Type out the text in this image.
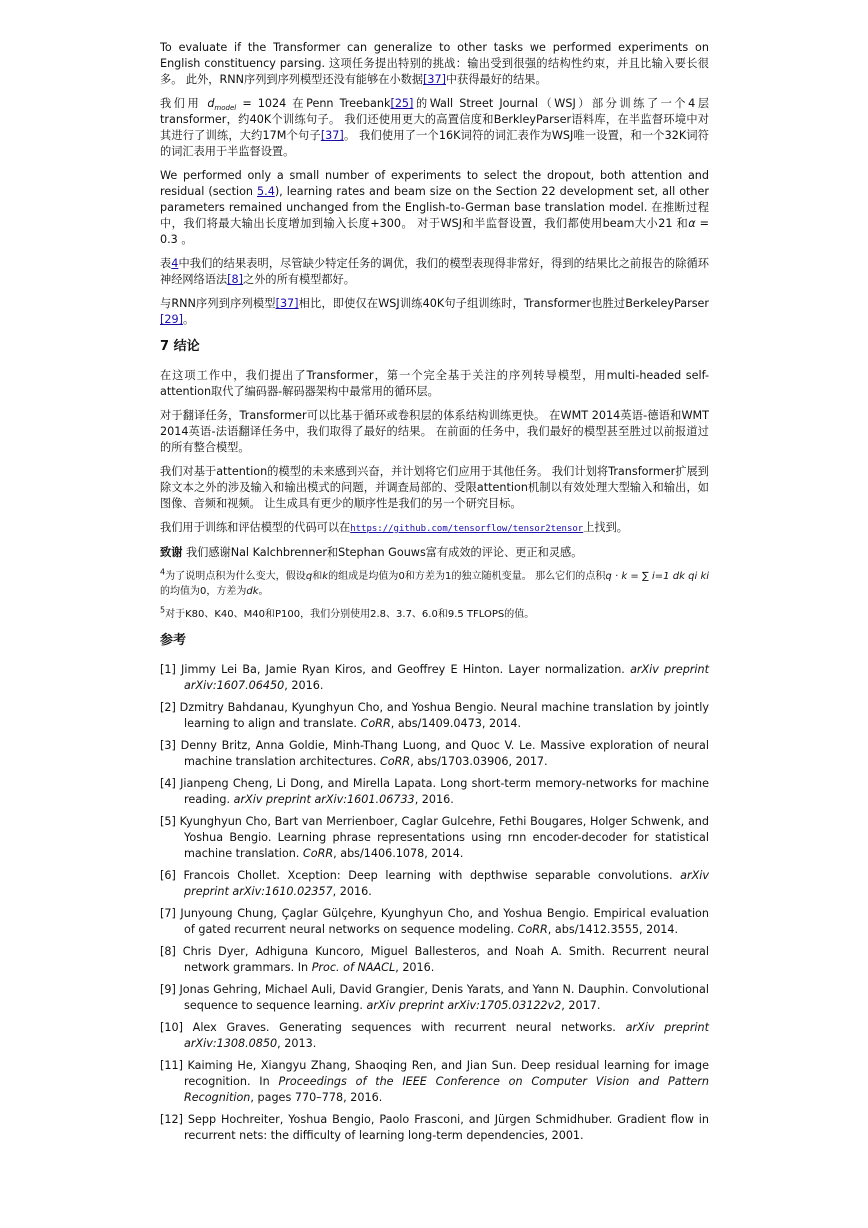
To evaluate if the Transformer can generalize to other tasks we performed experiments on English constituency parsing. 这项任务提出特别的挑战：输出受到很强的结构性约束，并且比输入要长很多。 此外，RNN序列到序列模型还没有能够在小数据[37]中获得最好的结果。

我们用 $d_{model} = 1024$ 在Penn Treebank[25]的Wall Street Journal（WSJ）部分训练了一个4层transformer，约40K个训练句子。 我们还使用更大的高置信度和BerkleyParser语料库，在半监督环境中对其进行了训练，大约17M个句子[37]。 我们使用了一个16K词符的词汇表作为WSJ唯一设置，和一个32K词符的词汇表用于半监督设置。

We performed only a small number of experiments to select the dropout, both attention and residual (section 5.4), learning rates and beam size on the Section 22 development set, all other parameters remained unchanged from the English-to-German base translation model. 在推断过程中，我们将最大输出长度增加到输入长度+300。 对于WSJ和半监督设置，我们都使用beam大小21 和α = 0.3 。

表4中我们的结果表明，尽管缺少特定任务的调优，我们的模型表现得非常好，得到的结果比之前报告的除循环神经网络语法[8]之外的所有模型都好。

与RNN序列到序列模型[37]相比，即使仅在WSJ训练40K句子组训练时，Transformer也胜过BerkeleyParser [29]。

7 结论

在这项工作中，我们提出了Transformer，第一个完全基于关注的序列转导模型，用multi-headed self-attention取代了编码器-解码器架构中最常用的循环层。

对于翻译任务，Transformer可以比基于循环或卷积层的体系结构训练更快。 在WMT 2014英语-德语和WMT 2014英语-法语翻译任务中，我们取得了最好的结果。 在前面的任务中，我们最好的模型甚至胜过以前报道过的所有整合模型。

我们对基于attention的模型的未来感到兴奋，并计划将它们应用于其他任务。 我们计划将Transformer扩展到除文本之外的涉及输入和输出模式的问题，并调查局部的、受限attention机制以有效处理大型输入和输出，如图像、音频和视频。 让生成具有更少的顺序性是我们的另一个研究目标。

我们用于训练和评估模型的代码可以在https://github.com/tensorflow/tensor2tensor上找到。

致谢 我们感谢Nal Kalchbrenner和Stephan Gouws富有成效的评论、更正和灵感。

$^4$为了说明点积为什么变大，假设q和k的组成是均值为0和方差为1的独立随机变量。 那么它们的点积q · k = ∑ i=1 dk qi ki的均值为0，方差为dk。

$^5$对于K80、K40、M40和P100，我们分别使用2.8、3.7、6.0和9.5 TFLOPS的值。

参考

[1] Jimmy Lei Ba, Jamie Ryan Kiros, and Geoffrey E Hinton. Layer normalization. arXiv preprint arXiv:1607.06450, 2016.

[2] Dzmitry Bahdanau, Kyunghyun Cho, and Yoshua Bengio. Neural machine translation by jointly learning to align and translate. CoRR, abs/1409.0473, 2014.

[3] Denny Britz, Anna Goldie, Minh-Thang Luong, and Quoc V. Le. Massive exploration of neural machine translation architectures. CoRR, abs/1703.03906, 2017.

[4] Jianpeng Cheng, Li Dong, and Mirella Lapata. Long short-term memory-networks for machine reading. arXiv preprint arXiv:1601.06733, 2016.

[5] Kyunghyun Cho, Bart van Merrienboer, Caglar Gulcehre, Fethi Bougares, Holger Schwenk, and Yoshua Bengio. Learning phrase representations using rnn encoder-decoder for statistical machine translation. CoRR, abs/1406.1078, 2014.

[6] Francois Chollet. Xception: Deep learning with depthwise separable convolutions. arXiv preprint arXiv:1610.02357, 2016.

[7] Junyoung Chung, Çaglar Gülçehre, Kyunghyun Cho, and Yoshua Bengio. Empirical evaluation of gated recurrent neural networks on sequence modeling. CoRR, abs/1412.3555, 2014.

[8] Chris Dyer, Adhiguna Kuncoro, Miguel Ballesteros, and Noah A. Smith. Recurrent neural network grammars. In Proc. of NAACL, 2016.

[9] Jonas Gehring, Michael Auli, David Grangier, Denis Yarats, and Yann N. Dauphin. Convolutional sequence to sequence learning. arXiv preprint arXiv:1705.03122v2, 2017.

[10] Alex Graves. Generating sequences with recurrent neural networks. arXiv preprint arXiv:1308.0850, 2013.

[11] Kaiming He, Xiangyu Zhang, Shaoqing Ren, and Jian Sun. Deep residual learning for image recognition. In Proceedings of the IEEE Conference on Computer Vision and Pattern Recognition, pages 770–778, 2016.

[12] Sepp Hochreiter, Yoshua Bengio, Paolo Frasconi, and Jürgen Schmidhuber. Gradient flow in recurrent nets: the difficulty of learning long-term dependencies, 2001.
